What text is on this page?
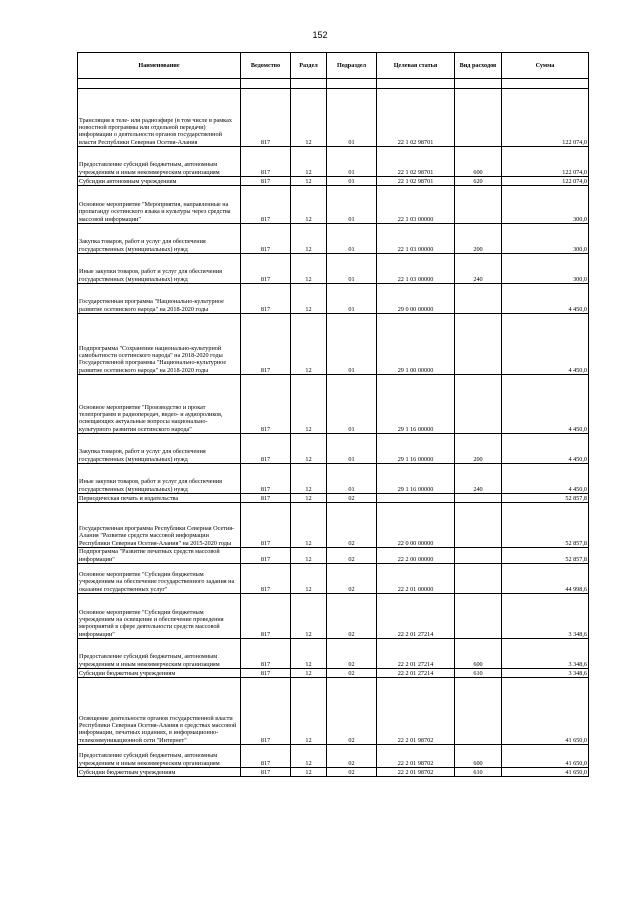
152
Наименование	Ведомство	Раздел	Подраздел	Целевая статья	Вид расходов	Сумма

Трансляция в теле- или радиоэфире (в том числе в рамках новостной программы или отдельной передачи) информации о деятельности органов государственной власти Республики Северная Осетия-Алания	817	12	01	22 1 02 98701		122 074,0
Предоставление субсидий бюджетным, автономным учреждениям и иным некоммерческим организациям	817	12	01	22 1 02 98701	600	122 074,0
Субсидии автономным учреждениям	817	12	01	22 1 02 98701	620	122 074,0
Основное мероприятие "Мероприятия, направленные на пропаганду осетинского языка и культуры через средства массовой информации"	817	12	01	22 1 03 00000		300,0
Закупка товаров, работ и услуг для обеспечения государственных (муниципальных) нужд	817	12	01	22 1 03 00000	200	300,0
Иные закупки товаров, работ и услуг для обеспечения государственных (муниципальных) нужд	817	12	01	22 1 03 00000	240	300,0
Государственная программа "Национально-культурное развитие осетинского народа" на 2018-2020 годы	817	12	01	29 0 00 00000		4 450,0
Подпрограмма "Сохранение национально-культурной самобытности осетинского народа" на 2018-2020 годы Государственной программы "Национально-культурное развитие осетинского народа" на 2018-2020 годы	817	12	01	29 1 00 00000		4 450,0
Основное мероприятие "Производство и прокат телепрограмм и радиопередач, видео- и аудиороликов, освещающих актуальные вопросы национально-культурного развития осетинского народа"	817	12	01	29 1 16 00000		4 450,0
Закупка товаров, работ и услуг для обеспечения государственных (муниципальных) нужд	817	12	01	29 1 16 00000	200	4 450,0
Иные закупки товаров, работ и услуг для обеспечения государственных (муниципальных) нужд	817	12	01	29 1 16 00000	240	4 450,0
Периодическая печать и издательства	817	12	02			52 857,8
Государственная программа Республики Северная Осетия-Алания "Развитие средств массовой информации Республики Северная Осетия-Алания" на 2015-2020 годы	817	12	02	22 0 00 00000		52 857,8
Подпрограмма "Развитие печатных средств массовой информации"	817	12	02	22 2 00 00000		52 857,8
Основное мероприятие "Субсидии бюджетным учреждениям на обеспечение государственного задания на оказание государственных услуг"	817	12	02	22 2 01 00000		44 998,6
Основное мероприятие "Субсидии бюджетным учреждениям на освещение и обеспечение проведения мероприятий в сфере деятельности средств массовой информации"	817	12	02	22 2 01 27214		3 348,6
Предоставление субсидий бюджетным, автономным учреждениям и иным некоммерческим организациям	817	12	02	22 2 01 27214	600	3 348,6
Субсидии бюджетным учреждениям	817	12	02	22 2 01 27214	610	3 348,6
Освещение деятельности органов государственной власти Республики Северная Осетия-Алания в средствах массовой информации, печатных изданиях, в информационно-телекоммуникационной сети "Интернет"	817	12	02	22 2 01 98702		41 650,0
Предоставление субсидий бюджетным, автономным учреждениям и иным некоммерческим организациям	817	12	02	22 2 01 98702	600	41 650,0
Субсидии бюджетным учреждениям	817	12	02	22 2 01 98702	610	41 650,0
